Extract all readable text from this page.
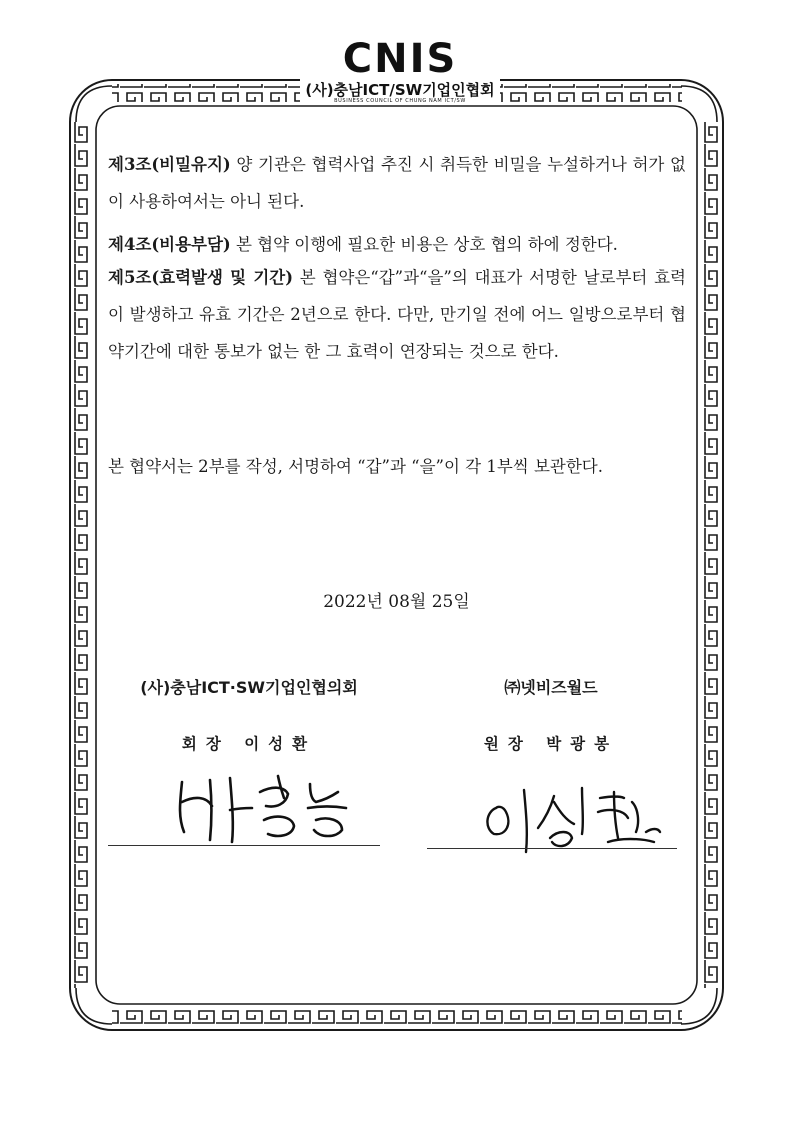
CNIS
(사)충남ICT/SW기업인협회
BUSINESS COUNCIL OF CHUNG NAM ICT/SW

제3조(비밀유지) 양 기관은 협력사업 추진 시 취득한 비밀을 누설하거나 허가 없이 사용하여서는 아니 된다.

제4조(비용부담) 본 협약 이행에 필요한 비용은 상호 협의 하에 정한다.

제5조(효력발생 및 기간) 본 협약은“갑”과“을”의 대표가 서명한 날로부터 효력이 발생하고 유효 기간은 2년으로 한다. 다만, 만기일 전에 어느 일방으로부터 협약기간에 대한 통보가 없는 한 그 효력이 연장되는 것으로 한다.

본 협약서는 2부를 작성, 서명하여 “갑”과 “을”이 각 1부씩 보관한다.

2022년 08월 25일
(사)충남ICT·SW기업인협의회
회장 이성환
박 광 봉
㈜넷비즈월드
원장 박광봉
이 성 환
